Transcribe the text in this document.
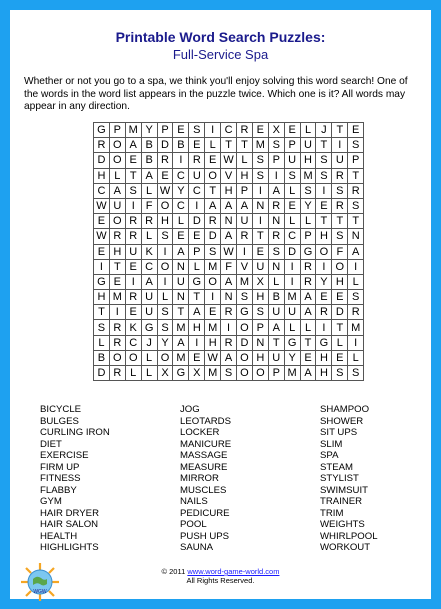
Printable Word Search Puzzles:
Full-Service Spa
Whether or not you go to a spa, we think you'll enjoy solving this word search! One of the words in the word list appears in the puzzle twice. Which one is it? All words may appear in any direction.
G	P	M	Y	P	E	S	I	C	R	E	X	E	L	J	T	E
R	O	A	B	D	B	E	L	T	T	M	S	P	U	T	I	S
D	O	E	B	R	I	R	E	W	L	S	P	U	H	S	U	P
H	L	T	A	E	C	U	O	V	H	S	I	S	M	S	R	T
C	A	S	L	W	Y	C	T	H	P	I	A	L	S	I	S	R
W	U	I	F	O	C	I	A	A	A	N	R	E	Y	E	R	S
E	O	R	R	H	L	D	R	N	U	I	N	L	L	T	T	T
W	R	R	L	S	E	E	D	A	R	T	R	C	P	H	S	N
E	H	U	K	I	A	P	S	W	I	E	S	D	G	O	F	A
I	T	E	C	O	N	L	M	F	V	U	N	I	R	I	O	I
G	E	I	A	I	U	G	O	A	M	X	L	I	R	Y	H	L
H	M	R	U	L	N	T	I	N	S	H	B	M	A	E	E	S
T	I	E	U	S	T	A	E	R	G	S	U	U	A	R	D	R
S	R	K	G	S	M	H	M	I	O	P	A	L	L	I	T	M
L	R	C	J	Y	A	I	H	R	D	N	T	G	T	G	L	I
B	O	O	L	O	M	E	W	A	O	H	U	Y	E	H	E	L
D	R	L	L	X	G	X	M	S	O	O	P	M	A	H	S	S
BICYCLE
BULGES
CURLING IRON
DIET
EXERCISE
FIRM UP
FITNESS
FLABBY
GYM
HAIR DRYER
HAIR SALON
HEALTH
HIGHLIGHTS
JOG
LEOTARDS
LOCKER
MANICURE
MASSAGE
MEASURE
MIRROR
MUSCLES
NAILS
PEDICURE
POOL
PUSH UPS
SAUNA
SHAMPOO
SHOWER
SIT UPS
SLIM
SPA
STEAM
STYLIST
SWIMSUIT
TRAINER
TRIM
WEIGHTS
WHIRLPOOL
WORKOUT
WGW
© 2011 www.word-game-world.com
All Rights Reserved.
